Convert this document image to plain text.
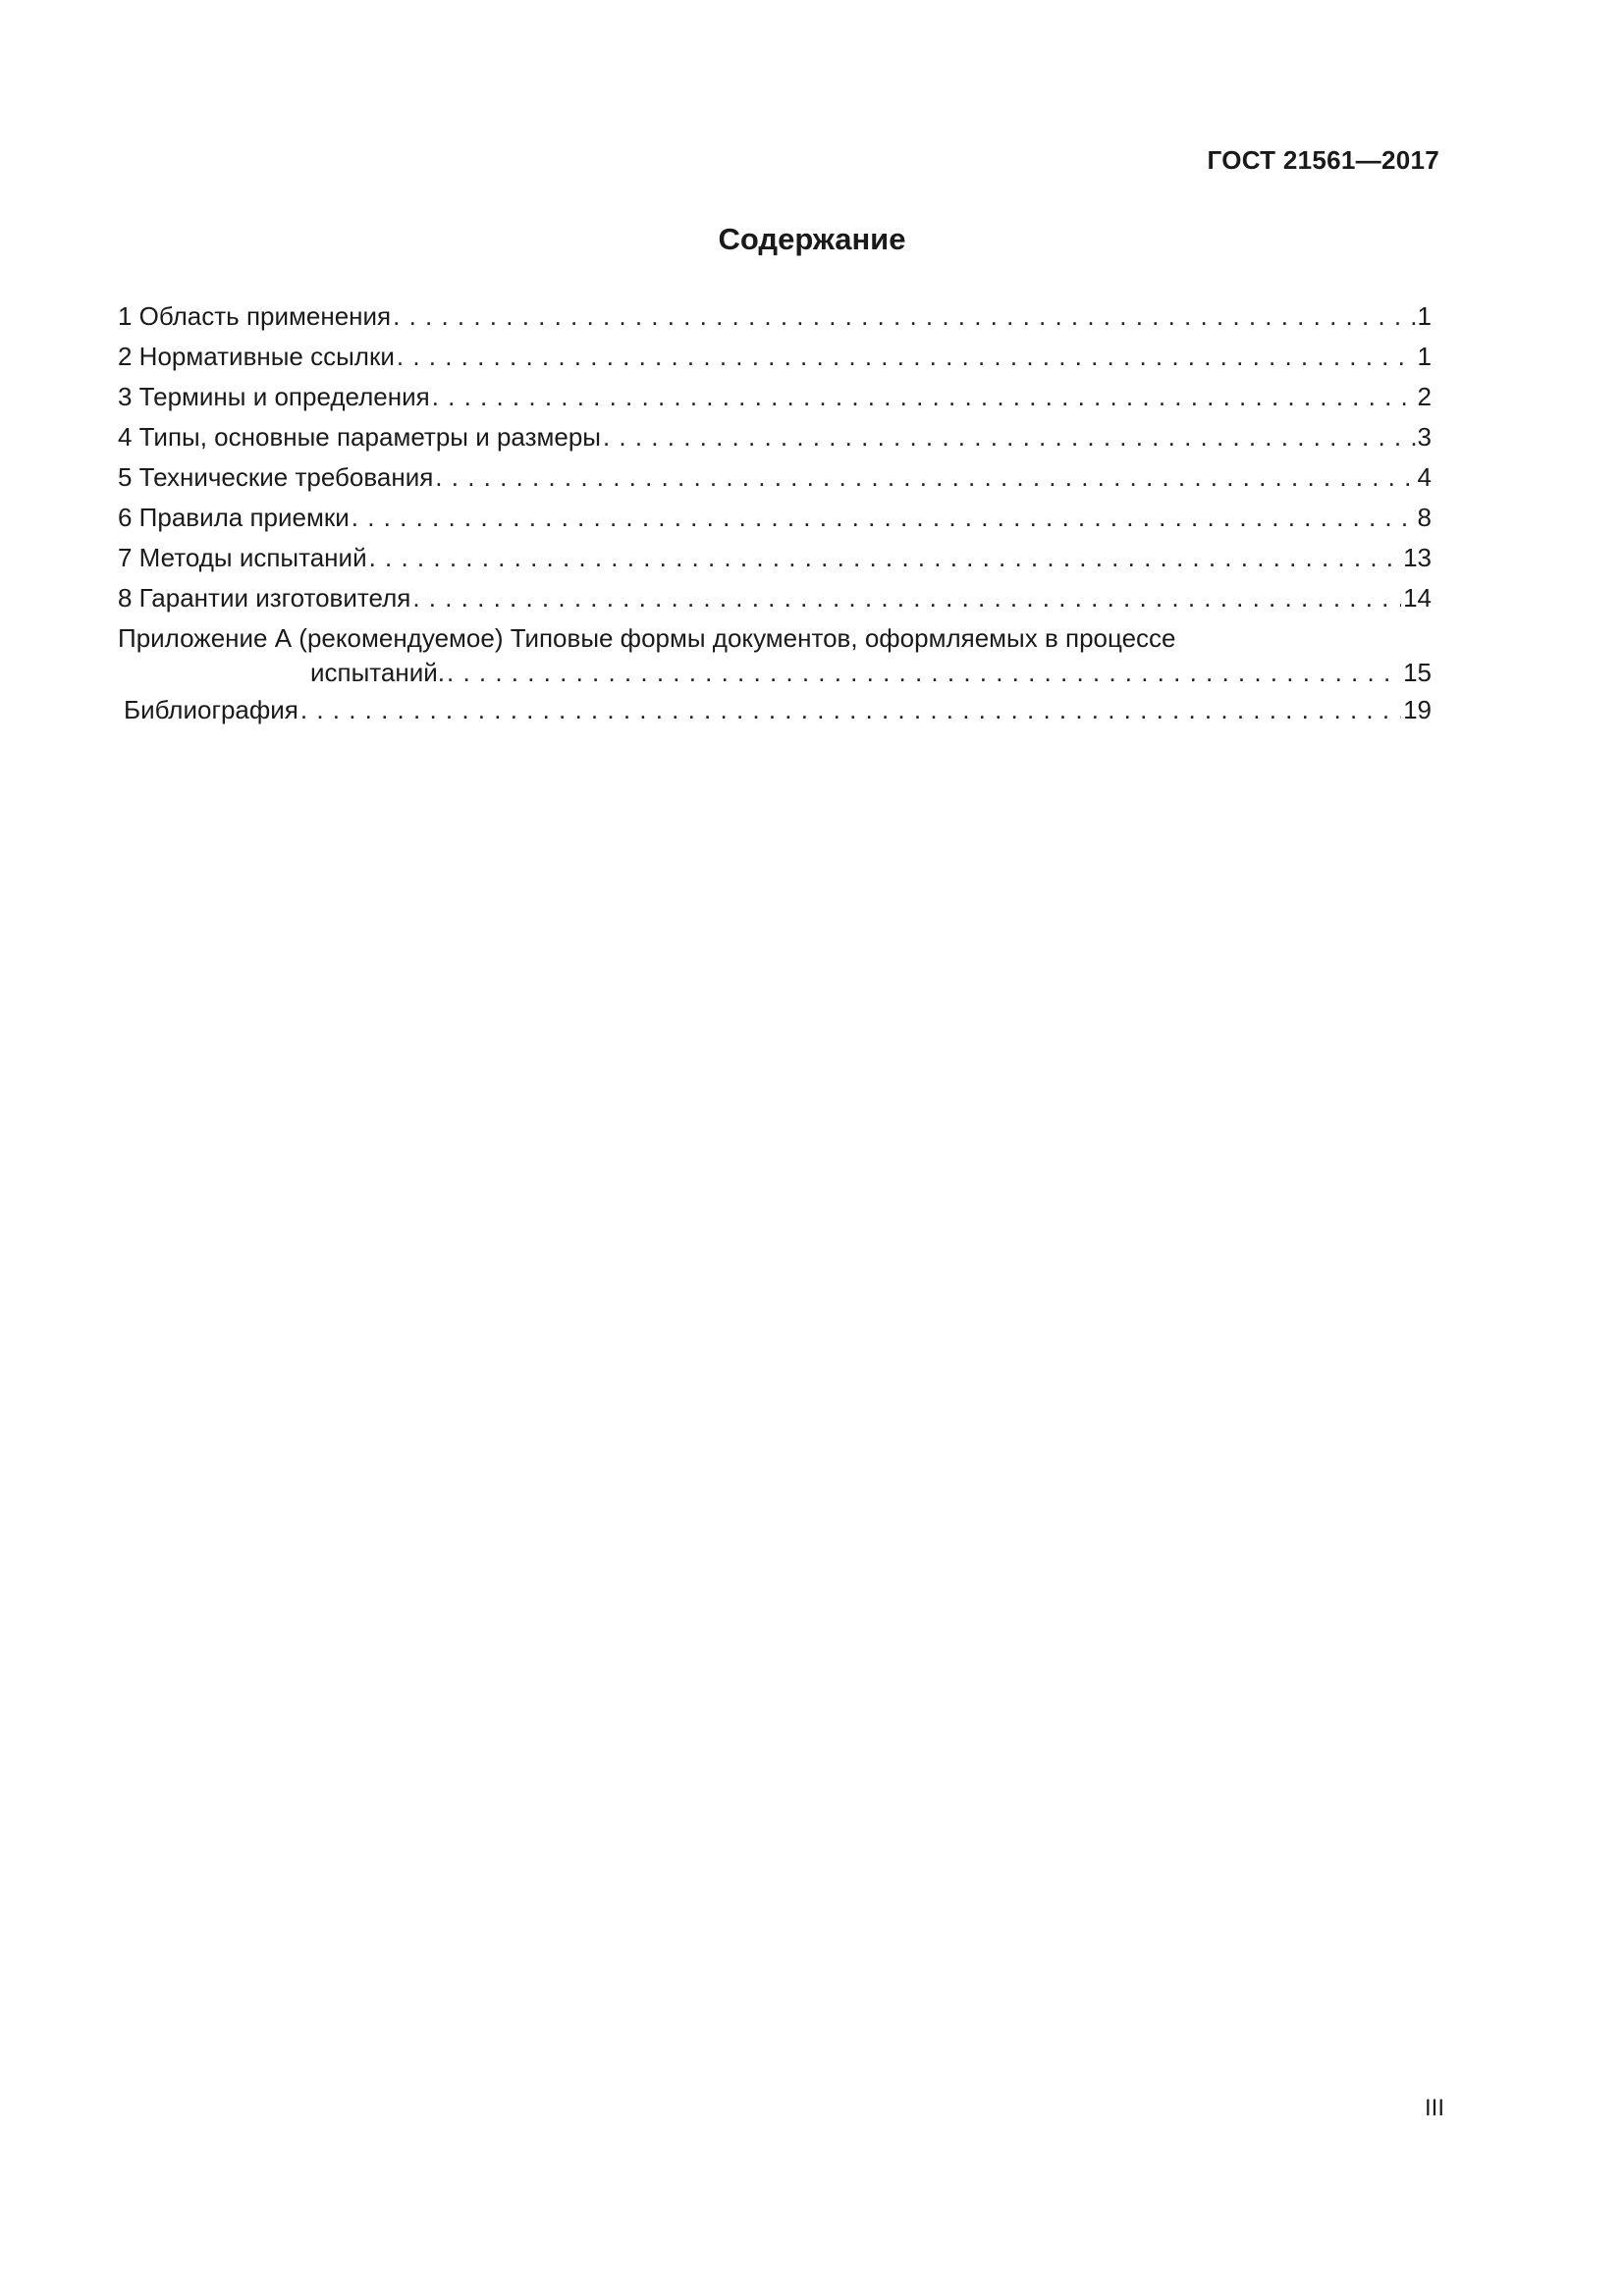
ГОСТ 21561—2017
Содержание
1 Область применения . . .	1
2 Нормативные ссылки . . .	1
3 Термины и определения . . .	2
4 Типы, основные параметры и размеры . . .	3
5 Технические требования . . .	4
6 Правила приемки . . .	8
7 Методы испытаний . . .	13
8 Гарантии изготовителя . . .	14
Приложение А (рекомендуемое) Типовые формы документов, оформляемых в процессе
испытаний. . . .	15
Библиография . . .	19
III
